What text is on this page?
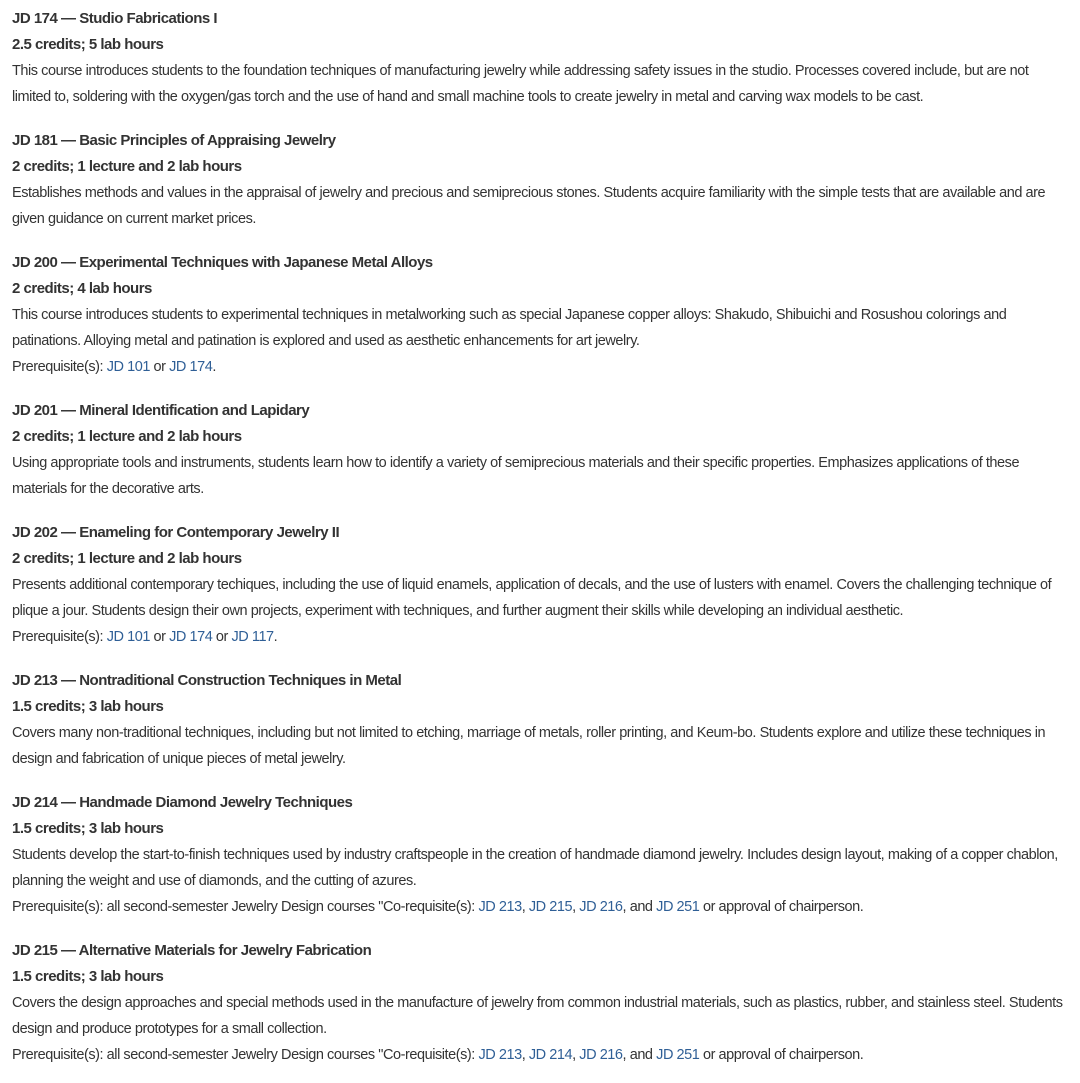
JD 174 — Studio Fabrications I
2.5 credits; 5 lab hours
This course introduces students to the foundation techniques of manufacturing jewelry while addressing safety issues in the studio. Processes covered include, but are not limited to, soldering with the oxygen/gas torch and the use of hand and small machine tools to create jewelry in metal and carving wax models to be cast.
JD 181 — Basic Principles of Appraising Jewelry
2 credits; 1 lecture and 2 lab hours
Establishes methods and values in the appraisal of jewelry and precious and semiprecious stones. Students acquire familiarity with the simple tests that are available and are given guidance on current market prices.
JD 200 — Experimental Techniques with Japanese Metal Alloys
2 credits; 4 lab hours
This course introduces students to experimental techniques in metalworking such as special Japanese copper alloys: Shakudo, Shibuichi and Rosushou colorings and patinations. Alloying metal and patination is explored and used as aesthetic enhancements for art jewelry.
Prerequisite(s): JD 101 or JD 174.
JD 201 — Mineral Identification and Lapidary
2 credits; 1 lecture and 2 lab hours
Using appropriate tools and instruments, students learn how to identify a variety of semiprecious materials and their specific properties. Emphasizes applications of these materials for the decorative arts.
JD 202 — Enameling for Contemporary Jewelry II
2 credits; 1 lecture and 2 lab hours
Presents additional contemporary techiques, including the use of liquid enamels, application of decals, and the use of lusters with enamel. Covers the challenging technique of plique a jour. Students design their own projects, experiment with techniques, and further augment their skills while developing an individual aesthetic.
Prerequisite(s): JD 101 or JD 174 or JD 117.
JD 213 — Nontraditional Construction Techniques in Metal
1.5 credits; 3 lab hours
Covers many non-traditional techniques, including but not limited to etching, marriage of metals, roller printing, and Keum-bo. Students explore and utilize these techniques in design and fabrication of unique pieces of metal jewelry.
JD 214 — Handmade Diamond Jewelry Techniques
1.5 credits; 3 lab hours
Students develop the start-to-finish techniques used by industry craftspeople in the creation of handmade diamond jewelry. Includes design layout, making of a copper chablon, planning the weight and use of diamonds, and the cutting of azures.
Prerequisite(s): all second-semester Jewelry Design courses "Co-requisite(s): JD 213, JD 215, JD 216, and JD 251 or approval of chairperson.
JD 215 — Alternative Materials for Jewelry Fabrication
1.5 credits; 3 lab hours
Covers the design approaches and special methods used in the manufacture of jewelry from common industrial materials, such as plastics, rubber, and stainless steel. Students design and produce prototypes for a small collection.
Prerequisite(s): all second-semester Jewelry Design courses "Co-requisite(s): JD 213, JD 214, JD 216, and JD 251 or approval of chairperson.
